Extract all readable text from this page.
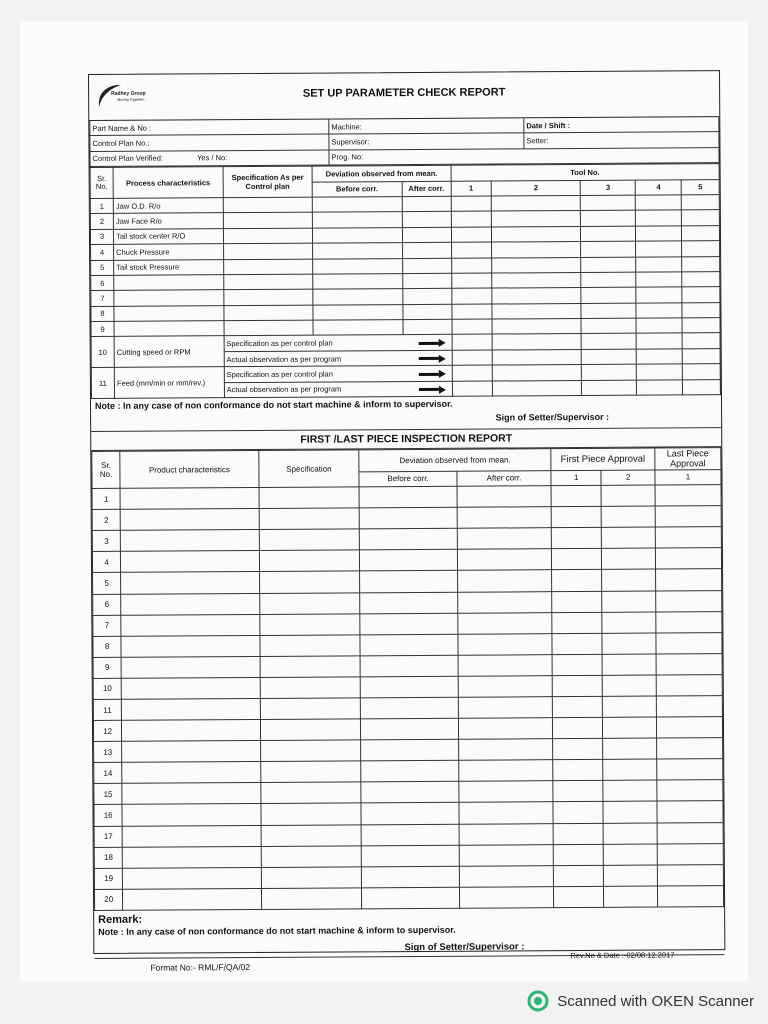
Radhey Group
Moving Together...
SET UP PARAMETER CHECK REPORT
Part Name & No :	Machine:	Date / Shift :
Control Plan No.:	Supervisor:	Setter:
Control Plan Verified: Yes / No:	Prog. No:	
Sr. No.	Process characteristics	Specification As per Control plan	Deviation observed from mean.		Tool No.					
			Before corr.	After corr.	1	2	3	4	5	
1	Jaw O.D. R/o									
2	Jaw Face R/o									
3	Tail stock center R/O									
4	Chuck Pressure									
5	Tail stock Pressure									
6										
7										
8										
9										
10	Cutting speed or RPM	Specification as per control plan		

		Actual observation as per program		

11	Feed (mm/min or mm/rev.)	Specification as per control plan		

		Actual observation as per program		

Note : In any case of non conformance do not start machine & inform to supervisor.
Sign of Setter/Supervisor :
FIRST /LAST PIECE INSPECTION REPORT
Sr. No.	Product characteristics	Specification	Deviation observed from mean.		First Piece Approval		Last Piece Approval
			Before corr.	After corr.	1	2	1
1							
2							
3							
4							
5							
6							
7							
8							
9							
10							
11							
12							
13							
14							
15							
16							
17							
18							
19							
20							
Remark:
Note : In any case of non conformance do not start machine & inform to supervisor.
Sign of Setter/Supervisor :
Rev.No & Date :-02/08.12.2017
Format No:- RML/F/QA/02
Scanned with OKEN Scanner
